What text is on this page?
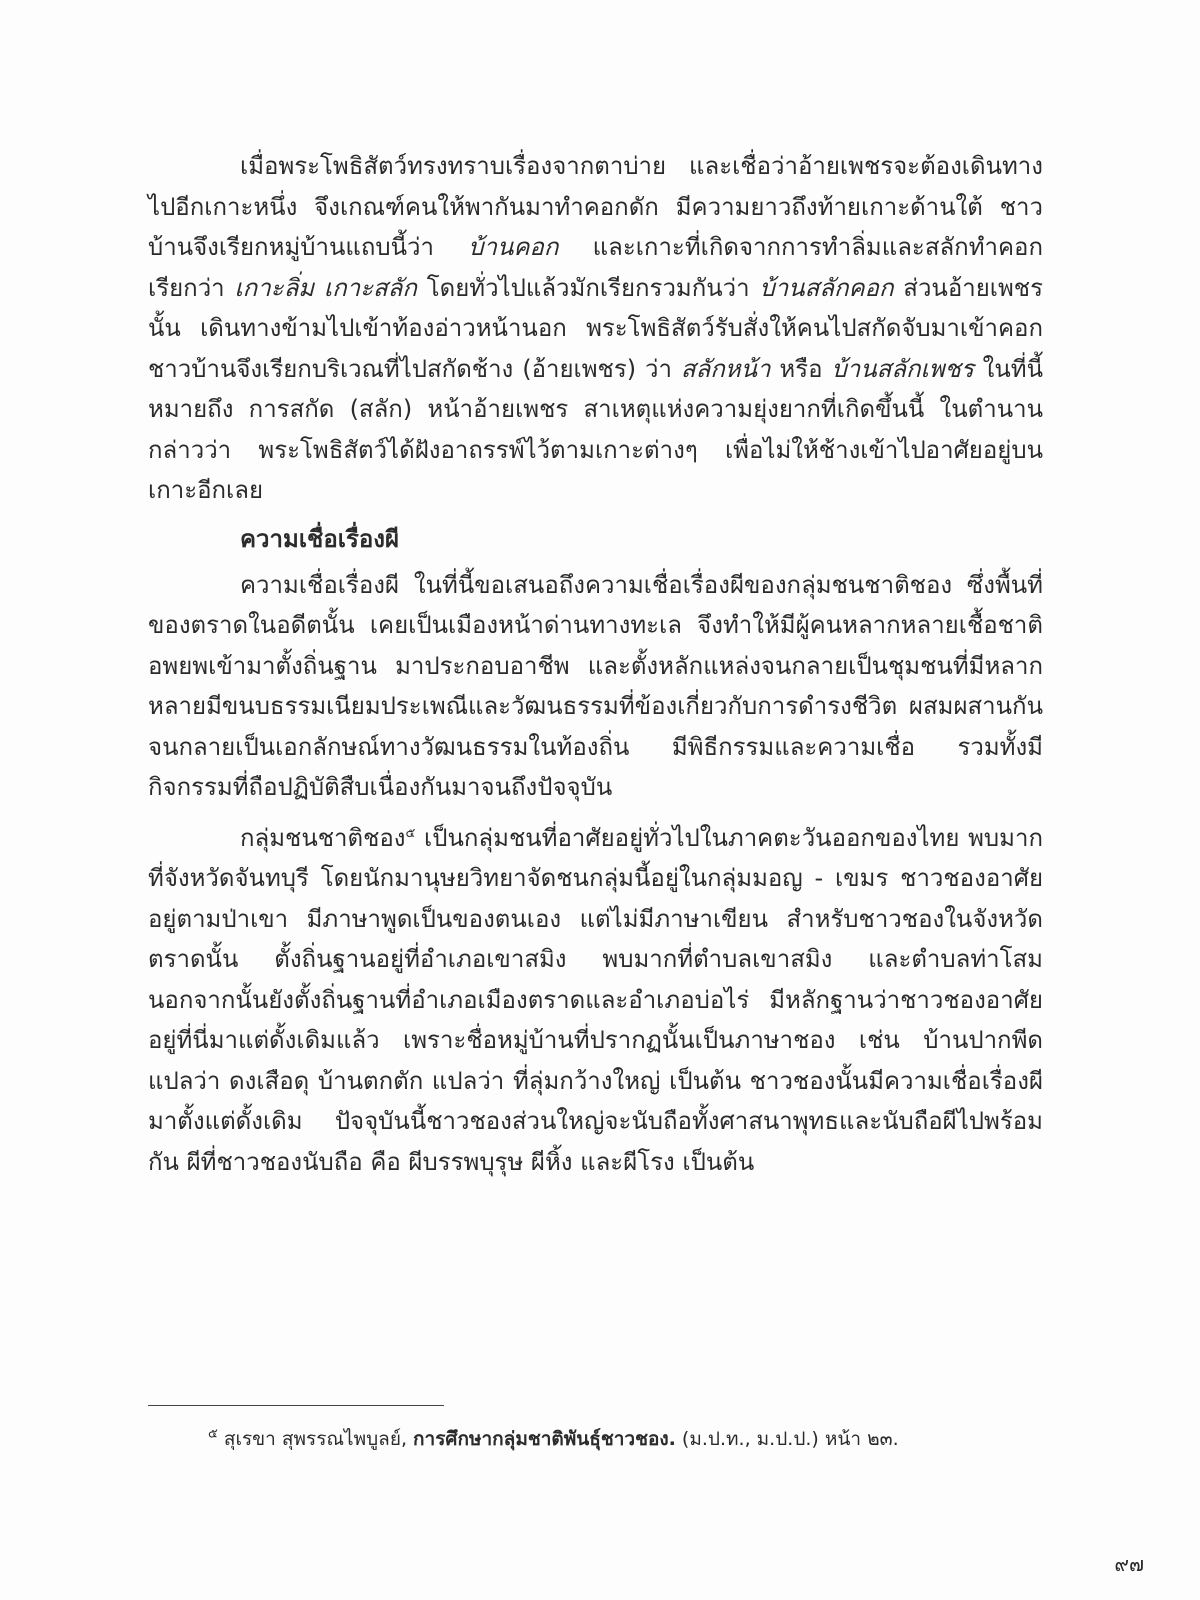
เมื่อพระโพธิสัตว์ทรงทราบเรื่องจากตาบ่าย และเชื่อว่าอ้ายเพชรจะต้องเดินทางไปอีกเกาะหนึ่ง จึงเกณฑ์คนให้พากันมาทำคอกดัก มีความยาวถึงท้ายเกาะด้านใต้ ชาวบ้านจึงเรียกหมู่บ้านแถบนี้ว่า บ้านคอก และเกาะที่เกิดจากการทำลิ่มและสลักทำคอก เรียกว่า เกาะลิ่ม เกาะสลัก โดยทั่วไปแล้วมักเรียกรวมกันว่า บ้านสลักคอก ส่วนอ้ายเพชรนั้น เดินทางข้ามไปเข้าท้องอ่าวหน้านอก พระโพธิสัตว์รับสั่งให้คนไปสกัดจับมาเข้าคอก ชาวบ้านจึงเรียกบริเวณที่ไปสกัดช้าง (อ้ายเพชร) ว่า สลักหน้า หรือ บ้านสลักเพชร ในที่นี้หมายถึง การสกัด (สลัก) หน้าอ้ายเพชร สาเหตุแห่งความยุ่งยากที่เกิดขึ้นนี้ ในตำนานกล่าวว่า พระโพธิสัตว์ได้ฝังอาถรรพ์ไว้ตามเกาะต่างๆ เพื่อไม่ให้ช้างเข้าไปอาศัยอยู่บนเกาะอีกเลย

ความเชื่อเรื่องผี

ความเชื่อเรื่องผี ในที่นี้ขอเสนอถึงความเชื่อเรื่องผีของกลุ่มชนชาติชอง ซึ่งพื้นที่ของตราดในอดีตนั้น เคยเป็นเมืองหน้าด่านทางทะเล จึงทำให้มีผู้คนหลากหลายเชื้อชาติอพยพเข้ามาตั้งถิ่นฐาน มาประกอบอาชีพ และตั้งหลักแหล่งจนกลายเป็นชุมชนที่มีหลากหลายมีขนบธรรมเนียมประเพณีและวัฒนธรรมที่ข้องเกี่ยวกับการดำรงชีวิต ผสมผสานกันจนกลายเป็นเอกลักษณ์ทางวัฒนธรรมในท้องถิ่น มีพิธีกรรมและความเชื่อ รวมทั้งมีกิจกรรมที่ถือปฏิบัติสืบเนื่องกันมาจนถึงปัจจุบัน

กลุ่มชนชาติชอง$^๕$ เป็นกลุ่มชนที่อาศัยอยู่ทั่วไปในภาคตะวันออกของไทย พบมากที่จังหวัดจันทบุรี โดยนักมานุษยวิทยาจัดชนกลุ่มนี้อยู่ในกลุ่มมอญ - เขมร ชาวชองอาศัยอยู่ตามป่าเขา มีภาษาพูดเป็นของตนเอง แต่ไม่มีภาษาเขียน สำหรับชาวชองในจังหวัดตราดนั้น ตั้งถิ่นฐานอยู่ที่อำเภอเขาสมิง พบมากที่ตำบลเขาสมิง และตำบลท่าโสม นอกจากนั้นยังตั้งถิ่นฐานที่อำเภอเมืองตราดและอำเภอบ่อไร่ มีหลักฐานว่าชาวชองอาศัยอยู่ที่นี่มาแต่ดั้งเดิมแล้ว เพราะชื่อหมู่บ้านที่ปรากฏนั้นเป็นภาษาชอง เช่น บ้านปากพีด แปลว่า ดงเสือดุ บ้านตกตัก แปลว่า ที่ลุ่มกว้างใหญ่ เป็นต้น ชาวชองนั้นมีความเชื่อเรื่องผีมาตั้งแต่ดั้งเดิม ปัจจุบันนี้ชาวชองส่วนใหญ่จะนับถือทั้งศาสนาพุทธและนับถือผีไปพร้อมกัน ผีที่ชาวชองนับถือ คือ ผีบรรพบุรุษ ผีหิ้ง และผีโรง เป็นต้น

$^๕$ สุเรขา สุพรรณไพบูลย์, การศึกษากลุ่มชาติพันธุ์ชาวชอง. (ม.ป.ท., ม.ป.ป.) หน้า ๒๓.
๙๗
